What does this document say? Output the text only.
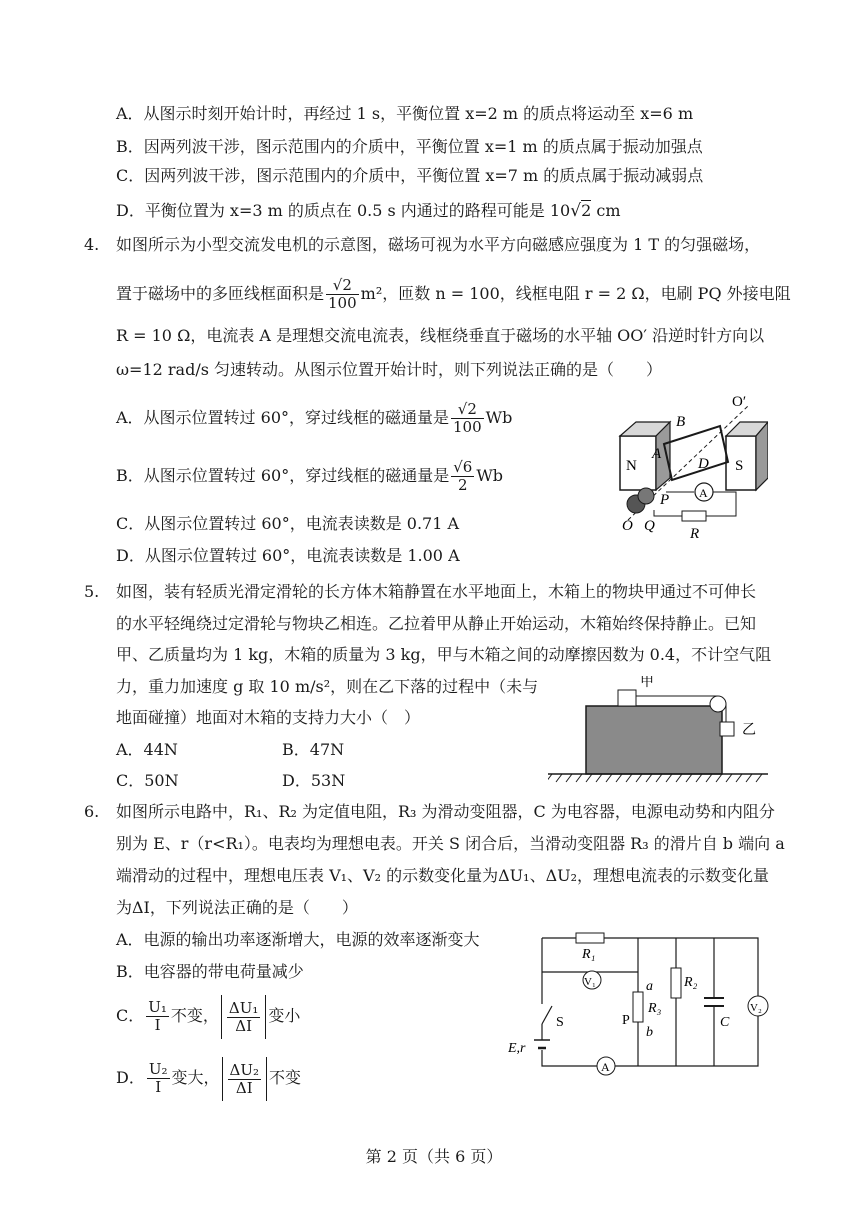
A．从图示时刻开始计时，再经过 1 s，平衡位置 x=2 m 的质点将运动至 x=6 m
B．因两列波干涉，图示范围内的介质中，平衡位置 x=1 m 的质点属于振动加强点
C．因两列波干涉，图示范围内的介质中，平衡位置 x=7 m 的质点属于振动减弱点
D．平衡位置为 x=3 m 的质点在 0.5 s 内通过的路程可能是 10√2 cm
4. 如图所示为小型交流发电机的示意图，磁场可视为水平方向磁感应强度为 1 T 的匀强磁场，
置于磁场中的多匝线框面积是 $\frac{√2}{100} m^2$，匝数 n = 100，线框电阻 r = 2 Ω，电刷 PQ 外接电阻
R = 10 Ω，电流表 A 是理想交流电流表，线框绕垂直于磁场的水平轴 OO′ 沿逆时针方向以
ω=12 rad/s 匀速转动。从图示位置开始计时，则下列说法正确的是（　　）
A．从图示位置转过 60°，穿过线框的磁通量是 $\frac{√2}{100}$ Wb
B．从图示位置转过 60°，穿过线框的磁通量是 $\frac{√6}{2}$ Wb
C．从图示位置转过 60°，电流表读数是 0.71 A
D．从图示位置转过 60°，电流表读数是 1.00 A
N	S
O′
A
B
D
P
O Q
A
R
5. 如图，装有轻质光滑定滑轮的长方体木箱静置在水平地面上，木箱上的物块甲通过不可伸长
的水平轻绳绕过定滑轮与物块乙相连。乙拉着甲从静止开始运动，木箱始终保持静止。已知
甲、乙质量均为 1 kg，木箱的质量为 3 kg，甲与木箱之间的动摩擦因数为 0.4，不计空气阻
力，重力加速度 g 取 10 m/s²，则在乙下落的过程中（未与
地面碰撞）地面对木箱的支持力大小（　）
A．44N	B．47N
C．50N	D．53N
甲
乙
6. 如图所示电路中，R₁、R₂ 为定值电阻，R₃ 为滑动变阻器，C 为电容器，电源电动势和内阻分
别为 E、r（r<R₁）。电表均为理想电表。开关 S 闭合后，当滑动变阻器 R₃ 的滑片自 b 端向 a
端滑动的过程中，理想电压表 V₁、V₂ 的示数变化量为ΔU₁、ΔU₂，理想电流表的示数变化量
为ΔI，下列说法正确的是（　　）
A．电源的输出功率逐渐增大，电源的效率逐渐变大
B．电容器的带电荷量减少
C． $\frac{\text{U₁}}{I}$ 不变， $\frac{\text{ΔU₁}}{\Delta I}$ 变小
D． $\frac{\text{U₂}}{I}$ 变大， $\frac{\text{ΔU₂}}{\Delta I}$ 不变
R₁
V₁	a
b
R₃
P
R₂
C
V₂
S
E,r
A
第 2 页（共 6 页）
